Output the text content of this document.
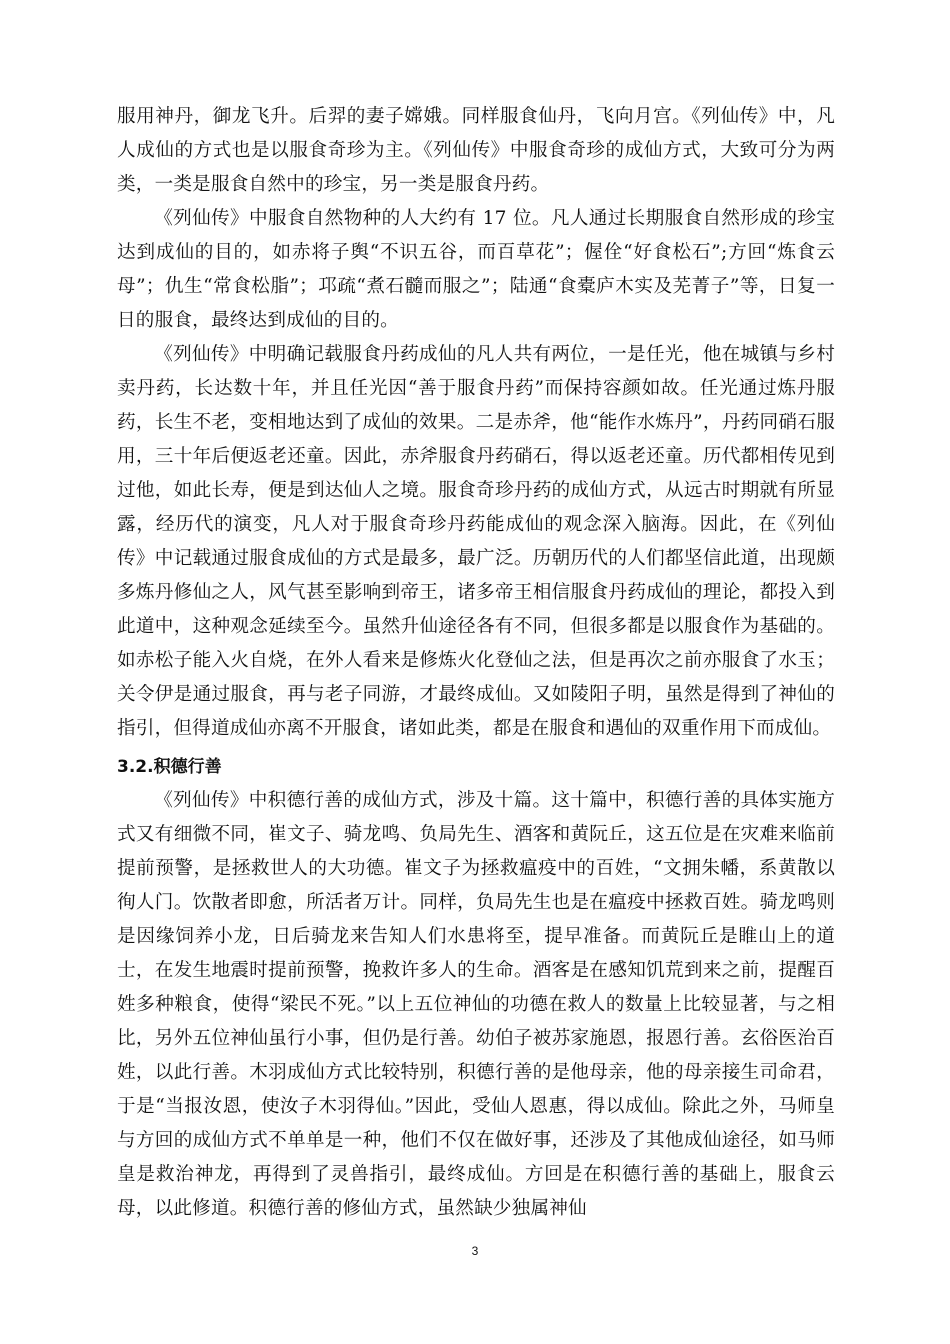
服用神丹，御龙飞升。后羿的妻子嫦娥。同样服食仙丹，飞向月宫。《列仙传》中，凡人成仙的方式也是以服食奇珍为主。《列仙传》中服食奇珍的成仙方式，大致可分为两类，一类是服食自然中的珍宝，另一类是服食丹药。

《列仙传》中服食自然物种的人大约有 17 位。凡人通过长期服食自然形成的珍宝达到成仙的目的，如赤将子舆“不识五谷，而百草花”；偓佺“好食松石”;方回“炼食云母”；仇生“常食松脂”；邛疏“煮石髓而服之”；陆通“食橐庐木实及芜菁子”等，日复一日的服食，最终达到成仙的目的。

《列仙传》中明确记载服食丹药成仙的凡人共有两位，一是任光，他在城镇与乡村卖丹药，长达数十年，并且任光因“善于服食丹药”而保持容颜如故。任光通过炼丹服药，长生不老，变相地达到了成仙的效果。二是赤斧，他“能作水炼丹”，丹药同硝石服用，三十年后便返老还童。因此，赤斧服食丹药硝石，得以返老还童。历代都相传见到过他，如此长寿，便是到达仙人之境。服食奇珍丹药的成仙方式，从远古时期就有所显露，经历代的演变，凡人对于服食奇珍丹药能成仙的观念深入脑海。因此，在《列仙传》中记载通过服食成仙的方式是最多，最广泛。历朝历代的人们都坚信此道，出现颇多炼丹修仙之人，风气甚至影响到帝王，诸多帝王相信服食丹药成仙的理论，都投入到此道中，这种观念延续至今。虽然升仙途径各有不同，但很多都是以服食作为基础的。如赤松子能入火自烧，在外人看来是修炼火化登仙之法，但是再次之前亦服食了水玉；关令伊是通过服食，再与老子同游，才最终成仙。又如陵阳子明，虽然是得到了神仙的指引，但得道成仙亦离不开服食，诸如此类，都是在服食和遇仙的双重作用下而成仙。

3.2.积德行善

《列仙传》中积德行善的成仙方式，涉及十篇。这十篇中，积德行善的具体实施方式又有细微不同，崔文子、骑龙鸣、负局先生、酒客和黄阮丘，这五位是在灾难来临前提前预警，是拯救世人的大功德。崔文子为拯救瘟疫中的百姓，“文拥朱幡，系黄散以徇人门。饮散者即愈，所活者万计。同样，负局先生也是在瘟疫中拯救百姓。骑龙鸣则是因缘饲养小龙，日后骑龙来告知人们水患将至，提早准备。而黄阮丘是睢山上的道士，在发生地震时提前预警，挽救许多人的生命。酒客是在感知饥荒到来之前，提醒百姓多种粮食，使得“梁民不死。”以上五位神仙的功德在救人的数量上比较显著，与之相比，另外五位神仙虽行小事，但仍是行善。幼伯子被苏家施恩，报恩行善。玄俗医治百姓，以此行善。木羽成仙方式比较特别，积德行善的是他母亲，他的母亲接生司命君，于是“当报汝恩，使汝子木羽得仙。”因此，受仙人恩惠，得以成仙。除此之外，马师皇与方回的成仙方式不单单是一种，他们不仅在做好事，还涉及了其他成仙途径，如马师皇是救治神龙，再得到了灵兽指引，最终成仙。方回是在积德行善的基础上，服食云母，以此修道。积德行善的修仙方式，虽然缺少独属神仙

3
